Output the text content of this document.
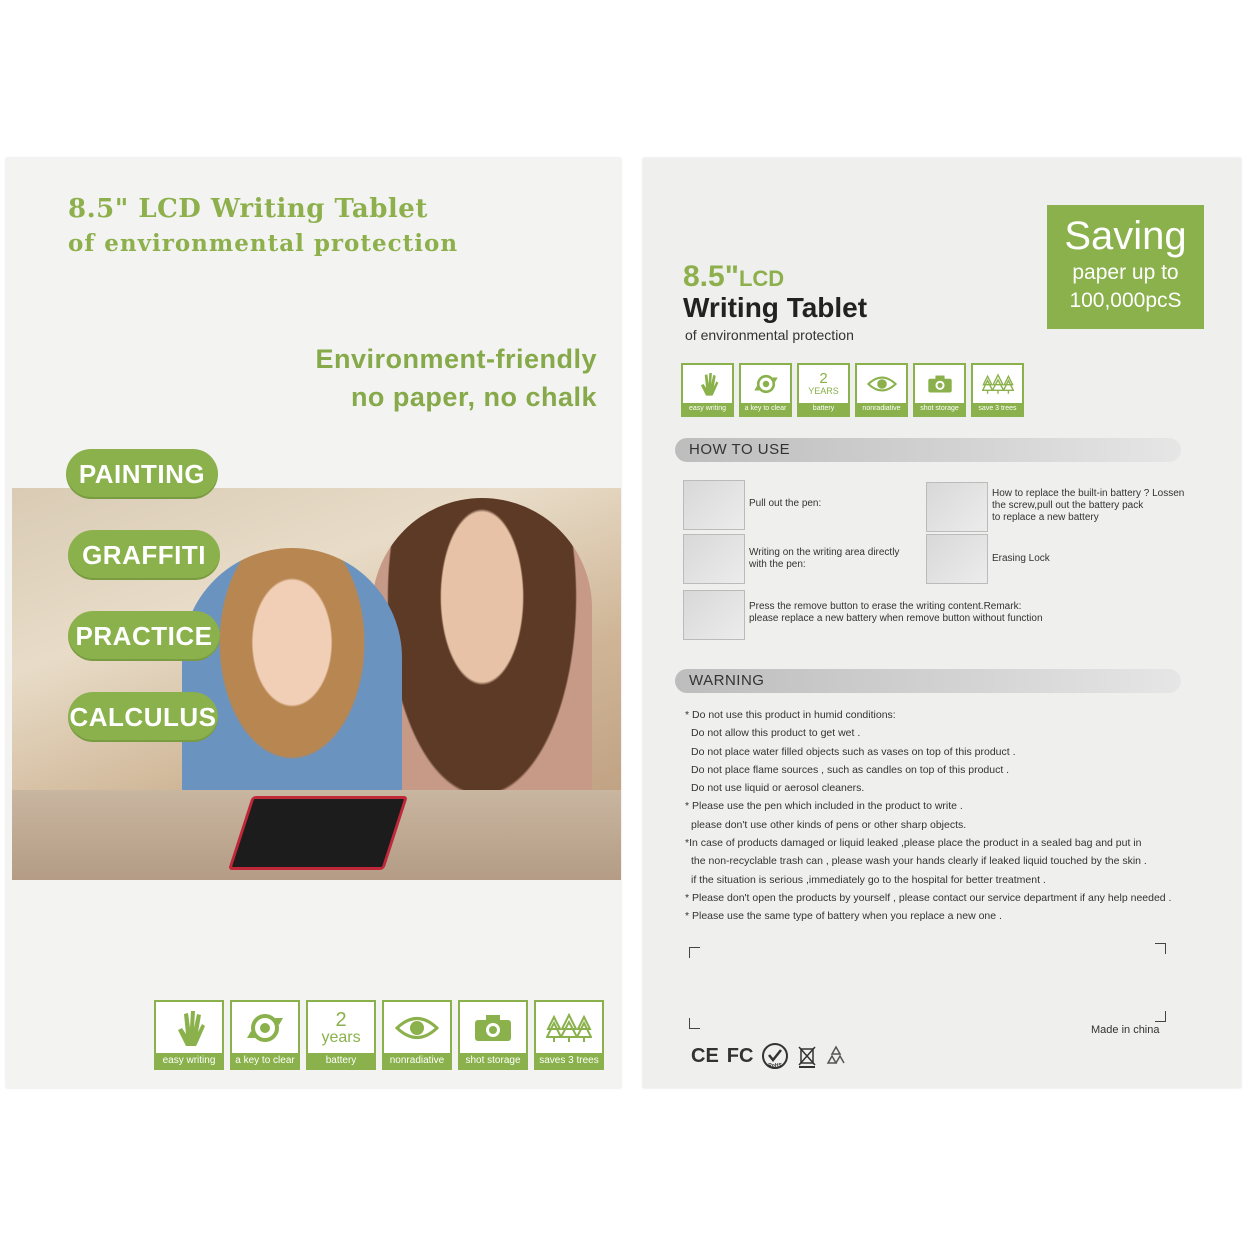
8.5" LCD Writing Tablet
of environmental protection
Environment-friendly
no paper, no chalk
PAINTING
GRAFFITI
PRACTICE
CALCULUS
easy writing	a key to clear
2
years
battery	nonradiative	shot storage	saves 3 trees
8.5"LCD
Writing Tablet
of environmental protection
Saving
paper up to
100,000pcS
easy writing	a key to clear
2
YEARS
battery	nonradiative	shot storage	save 3 trees
HOW TO USE
Pull out the pen:
Writing on the writing area directly
with the pen:
Press the remove button to erase the writing content.Remark:
please replace a new battery when remove button without function
How to replace the built-in battery ? Lossen
the screw,pull out the battery pack
to replace a new battery
Erasing Lock
WARNING
* Do not use this product in humid conditions:
Do not allow this product to get wet .
Do not place water filled objects such as vases on top of this product .
Do not place flame sources , such as candles on top of this product .
Do not use liquid or aerosol cleaners.
* Please use the pen which included in the product to write .
please don't use other kinds of pens or other sharp objects.
*In case of products damaged or liquid leaked ,please place the product in a sealed bag and put in
the non-recyclable trash can , please wash your hands clearly if leaked liquid touched by the skin .
if the situation is serious ,immediately go to the hospital for better treatment .
* Please don't open the products by yourself , please contact our service department if any help needed .
* Please use the same type of battery when you replace a new one .
Made in china
CE FC	RoHS
